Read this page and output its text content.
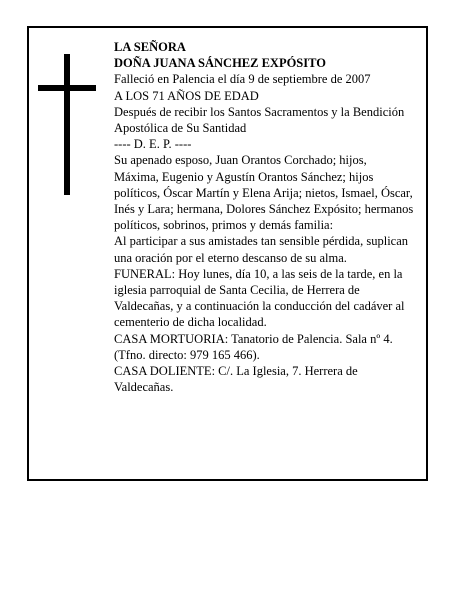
LA SEÑORA

DOÑA JUANA SÁNCHEZ EXPÓSITO

Falleció en Palencia el día 9 de septiembre de 2007

A LOS 71 AÑOS DE EDAD

Después de recibir los Santos Sacramentos y la Bendición Apostólica de Su Santidad

---- D. E. P. ----

Su apenado esposo, Juan Orantos Corchado; hijos, Máxima, Eugenio y Agustín Orantos Sánchez; hijos políticos, Óscar Martín y Elena Arija; nietos, Ismael, Óscar, Inés y Lara; hermana, Dolores Sánchez Expósito; hermanos políticos, sobrinos, primos y demás familia:

Al participar a sus amistades tan sensible pérdida, suplican una oración por el eterno descanso de su alma.

FUNERAL: Hoy lunes, día 10, a las seis de la tarde, en la iglesia parroquial de Santa Cecilia, de Herrera de Valdecañas, y a continuación la conducción del cadáver al cementerio de dicha localidad.

CASA MORTUORIA: Tanatorio de Palencia. Sala nº 4. (Tfno. directo: 979 165 466).

CASA DOLIENTE: C/. La Iglesia, 7. Herrera de Valdecañas.
